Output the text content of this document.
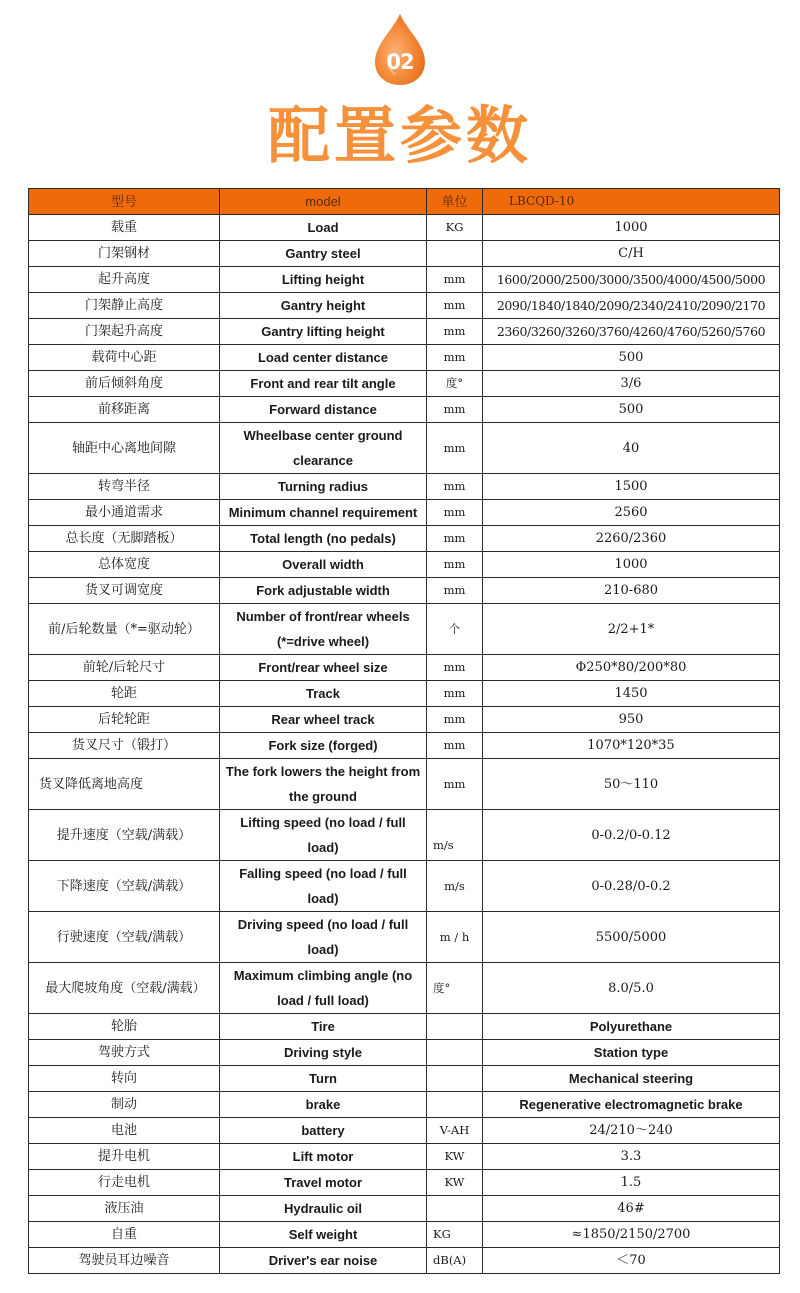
02
配置参数
型号	model	单位	LBCQD-10
载重	Load	KG	1000
门架钢材	Gantry steel		C/H
起升高度	Lifting height	mm	1600/2000/2500/3000/3500/4000/4500/5000
门架静止高度	Gantry height	mm	2090/1840/1840/2090/2340/2410/2090/2170
门架起升高度	Gantry lifting height	mm	2360/3260/3260/3760/4260/4760/5260/5760
载荷中心距	Load center distance	mm	500
前后倾斜角度	Front and rear tilt angle	度°	3/6
前移距离	Forward distance	mm	500
轴距中心离地间隙	Wheelbase center ground clearance	mm	40
转弯半径	Turning radius	mm	1500
最小通道需求	Minimum channel requirement	mm	2560
总长度（无脚踏板）	Total length (no pedals)	mm	2260/2360
总体宽度	Overall width	mm	1000
货叉可调宽度	Fork adjustable width	mm	210-680
前/后轮数量（*=驱动轮）	Number of front/rear wheels (*=drive wheel)	个	2/2+1*
前轮/后轮尺寸	Front/rear wheel size	mm	Φ250*80/200*80
轮距	Track	mm	1450
后轮轮距	Rear wheel track	mm	950
货叉尺寸（锻打）	Fork size (forged)	mm	1070*120*35
货叉降低离地高度	The fork lowers the height from the ground	mm	50～110
提升速度（空载/满载）	Lifting speed (no load / full load)	m/s	0-0.2/0-0.12
下降速度（空载/满载）	Falling speed (no load / full load)	m/s	0-0.28/0-0.2
行驶速度（空载/满载）	Driving speed (no load / full load)	m / h	5500/5000
最大爬坡角度（空载/满载）	Maximum climbing angle (no load / full load)	度°	8.0/5.0
轮胎	Tire		Polyurethane
驾驶方式	Driving style		Station type
转向	Turn		Mechanical steering
制动	brake		Regenerative electromagnetic brake
电池	battery	V-AH	24/210～240
提升电机	Lift motor	KW	3.3
行走电机	Travel motor	KW	1.5
液压油	Hydraulic oil		46#
自重	Self weight	KG	≈1850/2150/2700
驾驶员耳边噪音	Driver's ear noise	dB(A)	＜70
